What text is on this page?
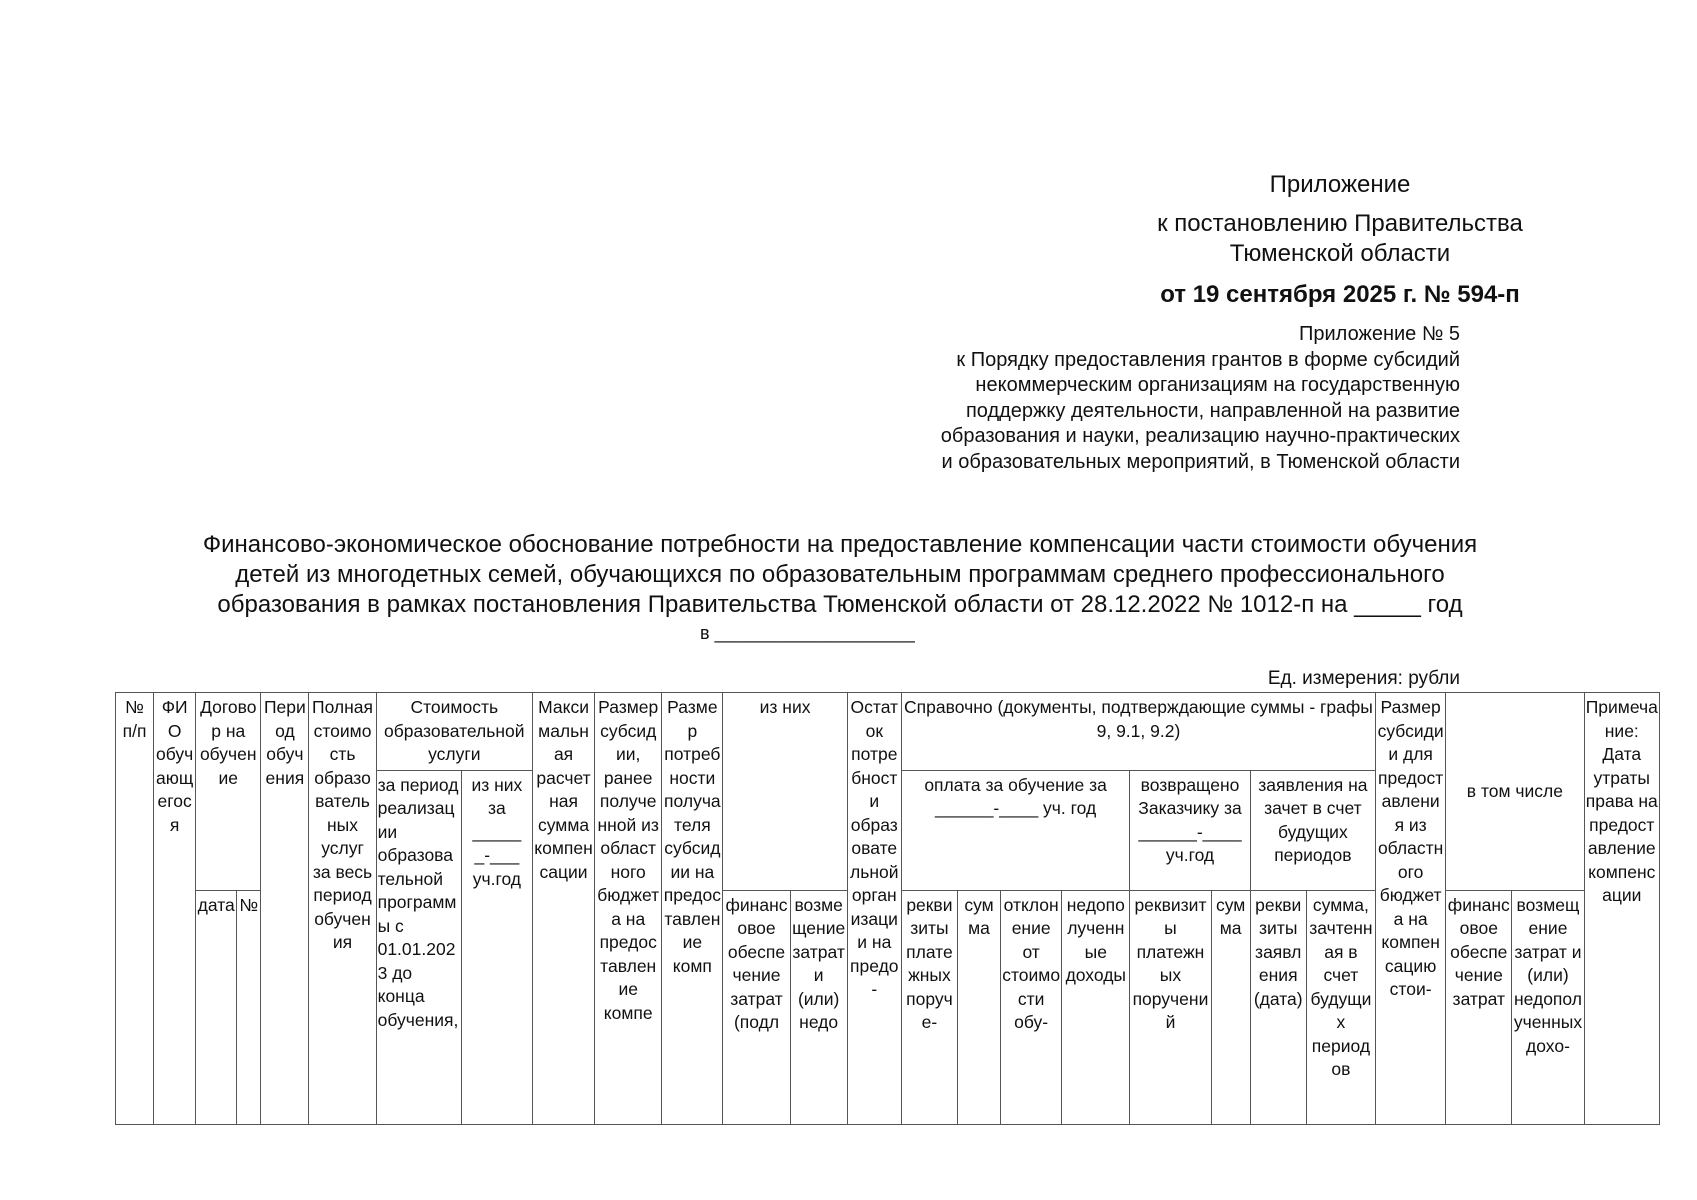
Приложение
к постановлению Правительства
Тюменской области
от 19 сентября 2025 г. № 594-п
Приложение № 5
к Порядку предоставления грантов в форме субсидий
некоммерческим организациям на государственную
поддержку деятельности, направленной на развитие
образования и науки, реализацию научно-практических
и образовательных мероприятий, в Тюменской области
Финансово-экономическое обоснование потребности на предоставление компенсации части стоимости обучения
детей из многодетных семей, обучающихся по образовательным программам среднего профессионального
образования в рамках постановления Правительства Тюменской области от 28.12.2022 № 1012-п на _____ год
в ____________________
Ед. измерения: рубли
№ п/п	ФИО обучающегося	Договор на обучение		Период обучения	Полная стоимость образовательных услуг за весь период обучения	Стоимость образовательной услуги		Максимальная расчетная сумма компенсации	Размер субсидии, ранее полученной из областного бюджета на предоставление компе	Размер потребности получателя субсидии на предоставление комп	из них		Остаток потребности образовательной организации на предо-	Справочно (документы, подтверждающие суммы - графы 9, 9.1, 9.2)								Размер субсидии для предоставления из областного бюджета на компенсацию стои-	в том числе		Примечание: Дата утраты права на предоставление компенсации
						за период реализации образовательной программы с 01.01.2023 до конца обучения,	из них за _____ _-___ уч.год							оплата за обучение за ______-____ уч. год				возвращено Заказчику за ______-____ уч.год		заявления на зачет в счет будущих периодов					
		дата	№								финансовое обеспечение затрат (подл	возмещение затрат и (или) недо		реквизиты платежных поруче-	сумма	отклонение от стоимости обу-	недополученные доходы	реквизиты платежных поручений	сумма	реквизиты заявления (дата)	сумма, зачтенная в счет будущих периодов		финансовое обеспечение затрат	возмещение затрат и (или) недополученных дохо-	
